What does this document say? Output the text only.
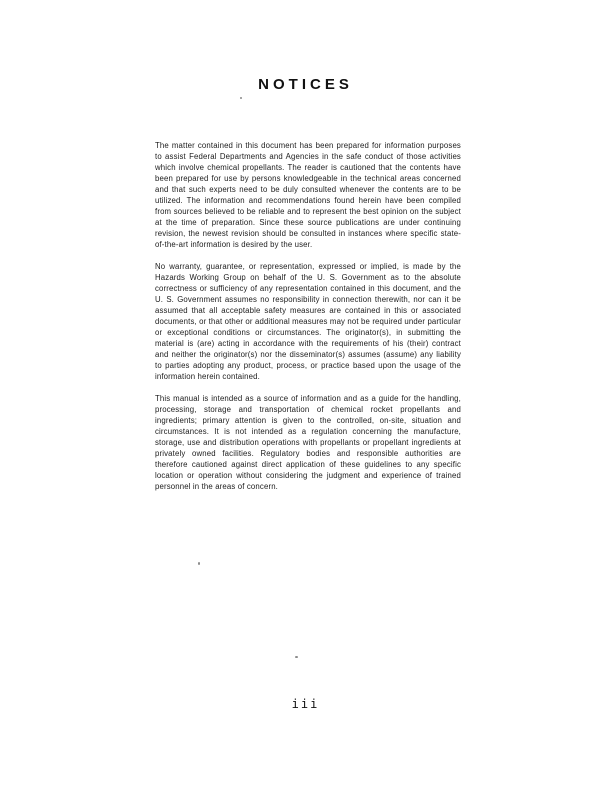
NOTICES

The matter contained in this document has been prepared for information purposes to assist Federal Departments and Agencies in the safe conduct of those activities which involve chemical propellants. The reader is cautioned that the contents have been prepared for use by persons knowledgeable in the technical areas concerned and that such experts need to be duly consulted whenever the contents are to be utilized. The information and recommendations found herein have been compiled from sources believed to be reliable and to represent the best opinion on the subject at the time of preparation. Since these source publications are under continuing revision, the newest revision should be consulted in instances where specific state-of-the-art information is desired by the user.

No warranty, guarantee, or representation, expressed or implied, is made by the Hazards Working Group on behalf of the U. S. Government as to the absolute correctness or sufficiency of any representation contained in this document, and the U. S. Government assumes no responsibility in connection therewith, nor can it be assumed that all acceptable safety measures are contained in this or associated documents, or that other or additional measures may not be required under particular or exceptional conditions or circumstances. The originator(s), in submitting the material is (are) acting in accordance with the requirements of his (their) contract and neither the originator(s) nor the disseminator(s) assumes (assume) any liability to parties adopting any product, process, or practice based upon the usage of the information herein contained.

This manual is intended as a source of information and as a guide for the handling, processing, storage and transportation of chemical rocket propellants and ingredients; primary attention is given to the controlled, on-site, situation and circumstances. It is not intended as a regulation concerning the manufacture, storage, use and distribution operations with propellants or propellant ingredients at privately owned facilities. Regulatory bodies and responsible authorities are therefore cautioned against direct application of these guidelines to any specific location or operation without considering the judgment and experience of trained personnel in the areas of concern.

iii
